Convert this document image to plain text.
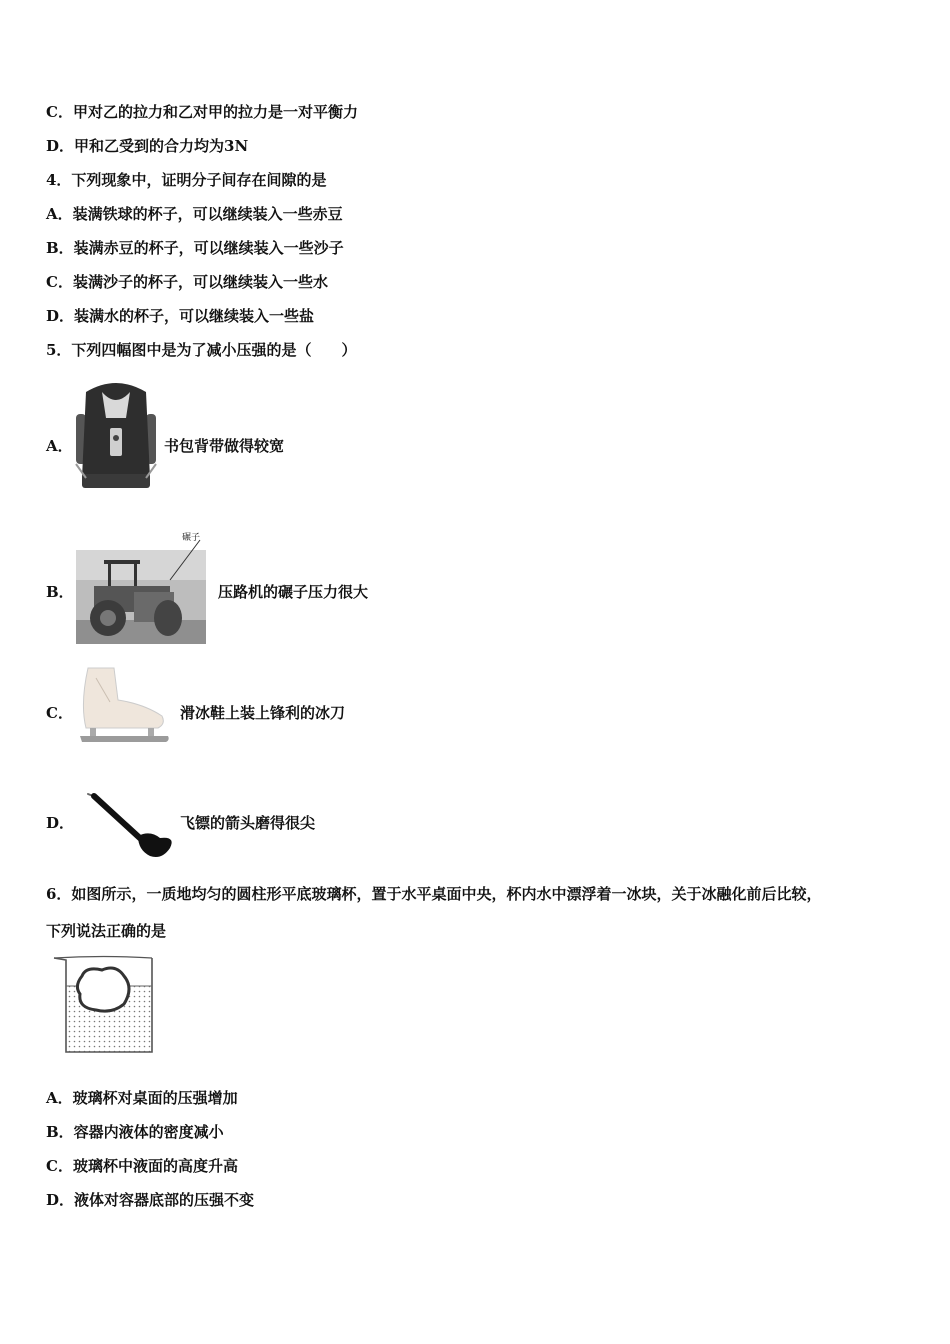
C．甲对乙的拉力和乙对甲的拉力是一对平衡力
D．甲和乙受到的合力均为3N
4．下列现象中，证明分子间存在间隙的是
A．装满铁球的杯子，可以继续装入一些赤豆
B．装满赤豆的杯子，可以继续装入一些沙子
C．装满沙子的杯子，可以继续装入一些水
D．装满水的杯子，可以继续装入一些盐
5．下列四幅图中是为了减小压强的是（　　）
A．	书包背带做得较宽
B．
碾子
压路机的碾子压力很大
C．	滑冰鞋上装上锋利的冰刀
D．	飞镖的箭头磨得很尖
6．如图所示，一质地均匀的圆柱形平底玻璃杯，置于水平桌面中央，杯内水中漂浮着一冰块，关于冰融化前后比较，
下列说法正确的是
A．玻璃杯对桌面的压强增加
B．容器内液体的密度减小
C．玻璃杯中液面的高度升高
D．液体对容器底部的压强不变
